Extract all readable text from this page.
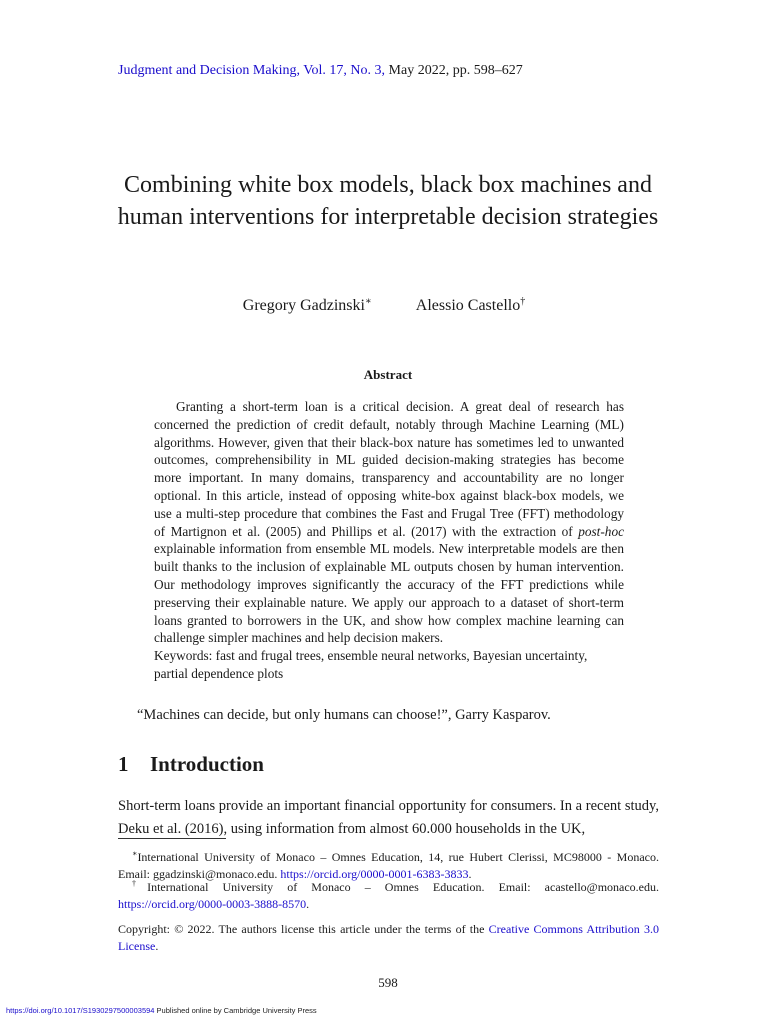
Judgment and Decision Making, Vol. 17, No. 3, May 2022, pp. 598–627
Combining white box models, black box machines and human interventions for interpretable decision strategies
Gregory Gadzinski∗	Alessio Castello†
Abstract

Granting a short-term loan is a critical decision. A great deal of research has concerned the prediction of credit default, notably through Machine Learning (ML) algorithms. However, given that their black-box nature has sometimes led to unwanted outcomes, comprehensibility in ML guided decision-making strategies has become more important. In many domains, transparency and accountability are no longer optional. In this article, instead of opposing white-box against black-box models, we use a multi-step procedure that combines the Fast and Frugal Tree (FFT) methodology of Martignon et al. (2005) and Phillips et al. (2017) with the extraction of post-hoc explainable information from ensemble ML models. New interpretable models are then built thanks to the inclusion of explainable ML outputs chosen by human intervention. Our methodology improves significantly the accuracy of the FFT predictions while preserving their explainable nature. We apply our approach to a dataset of short-term loans granted to borrowers in the UK, and show how complex machine learning can challenge simpler machines and help decision makers.

Keywords: fast and frugal trees, ensemble neural networks, Bayesian uncertainty, partial dependence plots

“Machines can decide, but only humans can choose!”, Garry Kasparov.
1 Introduction

Short-term loans provide an important financial opportunity for consumers. In a recent study, Deku et al. (2016), using information from almost 60.000 households in the UK,

∗International University of Monaco – Omnes Education, 14, rue Hubert Clerissi, MC98000 - Monaco. Email: ggadzinski@monaco.edu. https://orcid.org/0000-0001-6383-3833.

†International University of Monaco – Omnes Education. Email: acastello@monaco.edu. https://orcid.org/0000-0003-3888-8570.

Copyright: © 2022. The authors license this article under the terms of the Creative Commons Attribution 3.0 License.

598
https://doi.org/10.1017/S1930297500003594 Published online by Cambridge University Press
